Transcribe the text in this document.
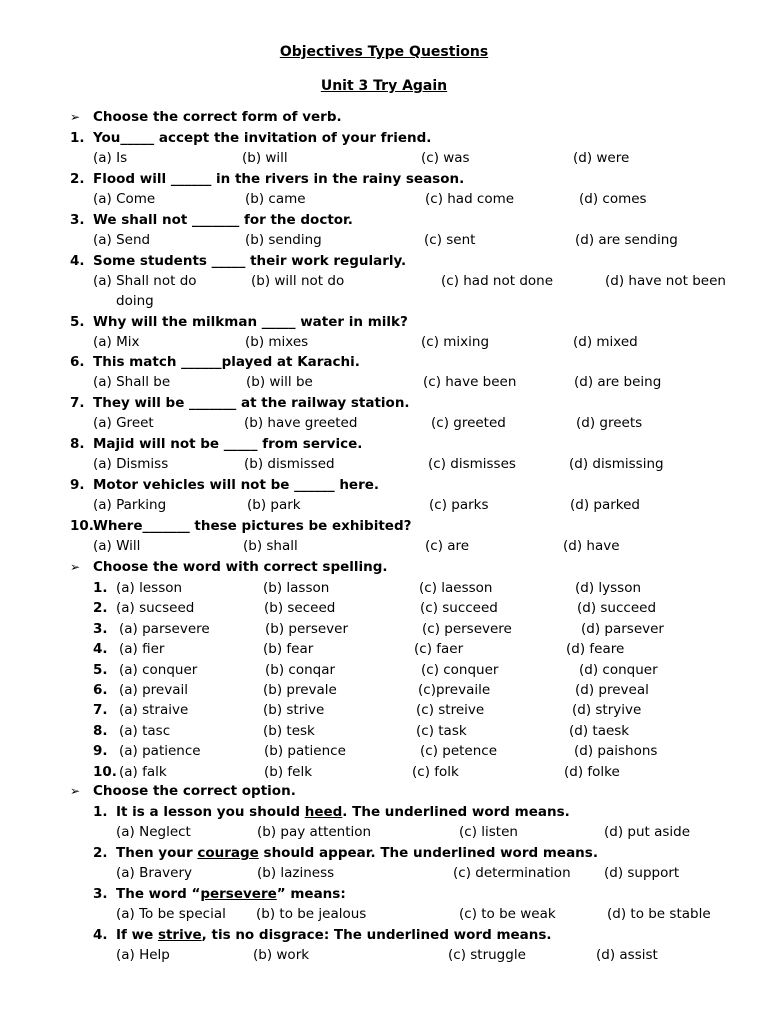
Objectives Type Questions
Unit 3 Try Again
➢ Choose the correct form of verb.
1. You_____ accept the invitation of your friend.
(a) Is	(b) will	(c) was	(d) were
2. Flood will ______ in the rivers in the rainy season.
(a) Come	(b) came	(c) had come	(d) comes
3. We shall not _______ for the doctor.
(a) Send	(b) sending	(c) sent	(d) are sending
4. Some students _____ their work regularly.
(a) Shall not do	(b) will not do	(c) had not done	(d) have not been
doing
5. Why will the milkman _____ water in milk?
(a) Mix	(b) mixes	(c) mixing	(d) mixed
6. This match ______played at Karachi.
(a) Shall be	(b) will be	(c) have been	(d) are being
7. They will be _______ at the railway station.
(a) Greet	(b) have greeted	(c) greeted	(d) greets
8. Majid will not be _____ from service.
(a) Dismiss	(b) dismissed	(c) dismisses	(d) dismissing
9. Motor vehicles will not be ______ here.
(a) Parking	(b) park	(c) parks	(d) parked
10. Where_______ these pictures be exhibited?
(a) Will	(b) shall	(c) are	(d) have
➢ Choose the word with correct spelling.
1. (a) lesson	(b) lasson	(c) laesson	(d) lysson
2. (a) sucseed	(b) seceed	(c) succeed	(d) succeed
3. (a) parsevere	(b) persever	(c) persevere	(d) parsever
4. (a) fier	(b) fear	(c) faer	(d) feare
5. (a) conquer	(b) conqar	(c) conquer	(d) conquer
6. (a) prevail	(b) prevale	(c)prevaile	(d) preveal
7. (a) straive	(b) strive	(c) streive	(d) stryive
8. (a) tasc	(b) tesk	(c) task	(d) taesk
9. (a) patience	(b) patience	(c) petence	(d) paishons
10. (a) falk	(b) felk	(c) folk	(d) folke
➢ Choose the correct option.
1. It is a lesson you should heed. The underlined word means.
(a) Neglect	(b) pay attention	(c) listen	(d) put aside
2. Then your courage should appear. The underlined word means.
(a) Bravery	(b) laziness	(c) determination (d) support
3. The word “persevere” means:
(a) To be special (b) to be jealous	(c) to be weak	(d) to be stable
4. If we strive, tis no disgrace: The underlined word means.
(a) Help	(b) work	(c) struggle	(d) assist
